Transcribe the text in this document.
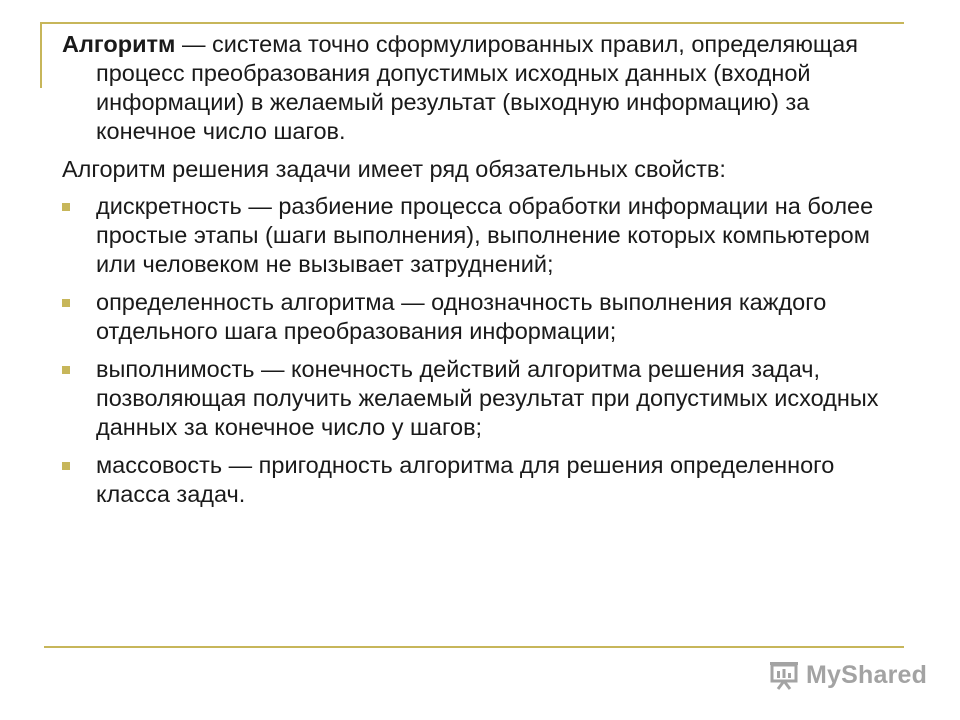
Алгоритм — система точно сформулированных правил, определяющая процесс преобразования допустимых исходных данных (входной информации) в желаемый результат (выходную информацию) за конечное число шагов.

Алгоритм решения задачи имеет ряд обязательных свойств:

дискретность — разбиение процесса обработки информации на более простые этапы (шаги выполнения), выполнение которых компьютером или человеком не вызывает затруднений;
определенность алгоритма — однозначность выполнения каждого отдельного шага преобразования информации;
выполнимость — конечность действий алгоритма решения задач, позволяющая получить желаемый результат при допустимых исходных данных за конечное число у шагов;
массовость — пригодность алгоритма для решения определенного класса задач.
MyShared
